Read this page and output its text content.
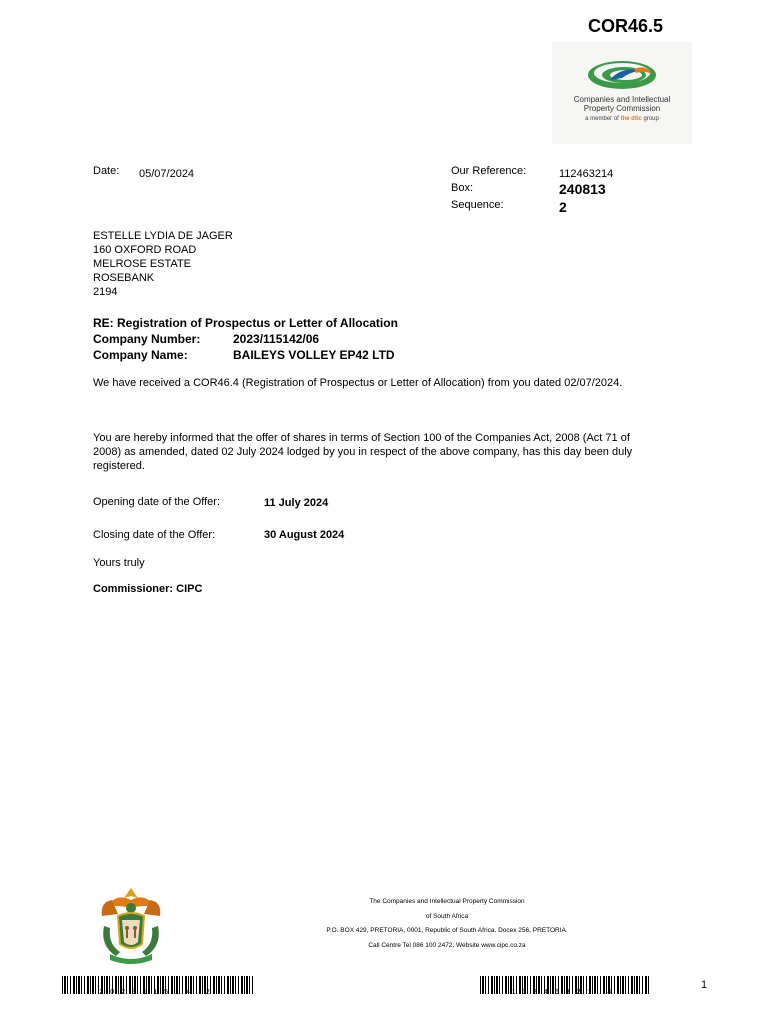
COR46.5
Companies and Intellectual
Property Commission
a member of the dtic group
Date: 05/07/2024	Our Reference:	112463214
Box:	240813
Sequence:	2
ESTELLE LYDIA DE JAGER
160 OXFORD ROAD
MELROSE ESTATE
ROSEBANK
2194
RE: Registration of Prospectus or Letter of Allocation
Company Number:	2023/115142/06
Company Name:	BAILEYS VOLLEY EP42 LTD
We have received a COR46.4 (Registration of Prospectus or Letter of Allocation) from you dated 02/07/2024.
You are hereby informed that the offer of shares in terms of Section 100 of the Companies Act, 2008 (Act 71 of 2008) as amended, dated 02 July 2024 lodged by you in respect of the above company, has this day been duly registered.
Opening date of the Offer:	11 July 2024
Closing date of the Offer:	30 August 2024
Yours truly
Commissioner: CIPC
The Companies and Intellectual Property Commission
of South Africa
P.O. BOX 429, PRETORIA, 0001, Republic of South Africa. Docex 256, PRETORIA.
Call Centre Tel 086 100 2472, Website www.cipc.co.za
202311514 2	11246321 4
1
